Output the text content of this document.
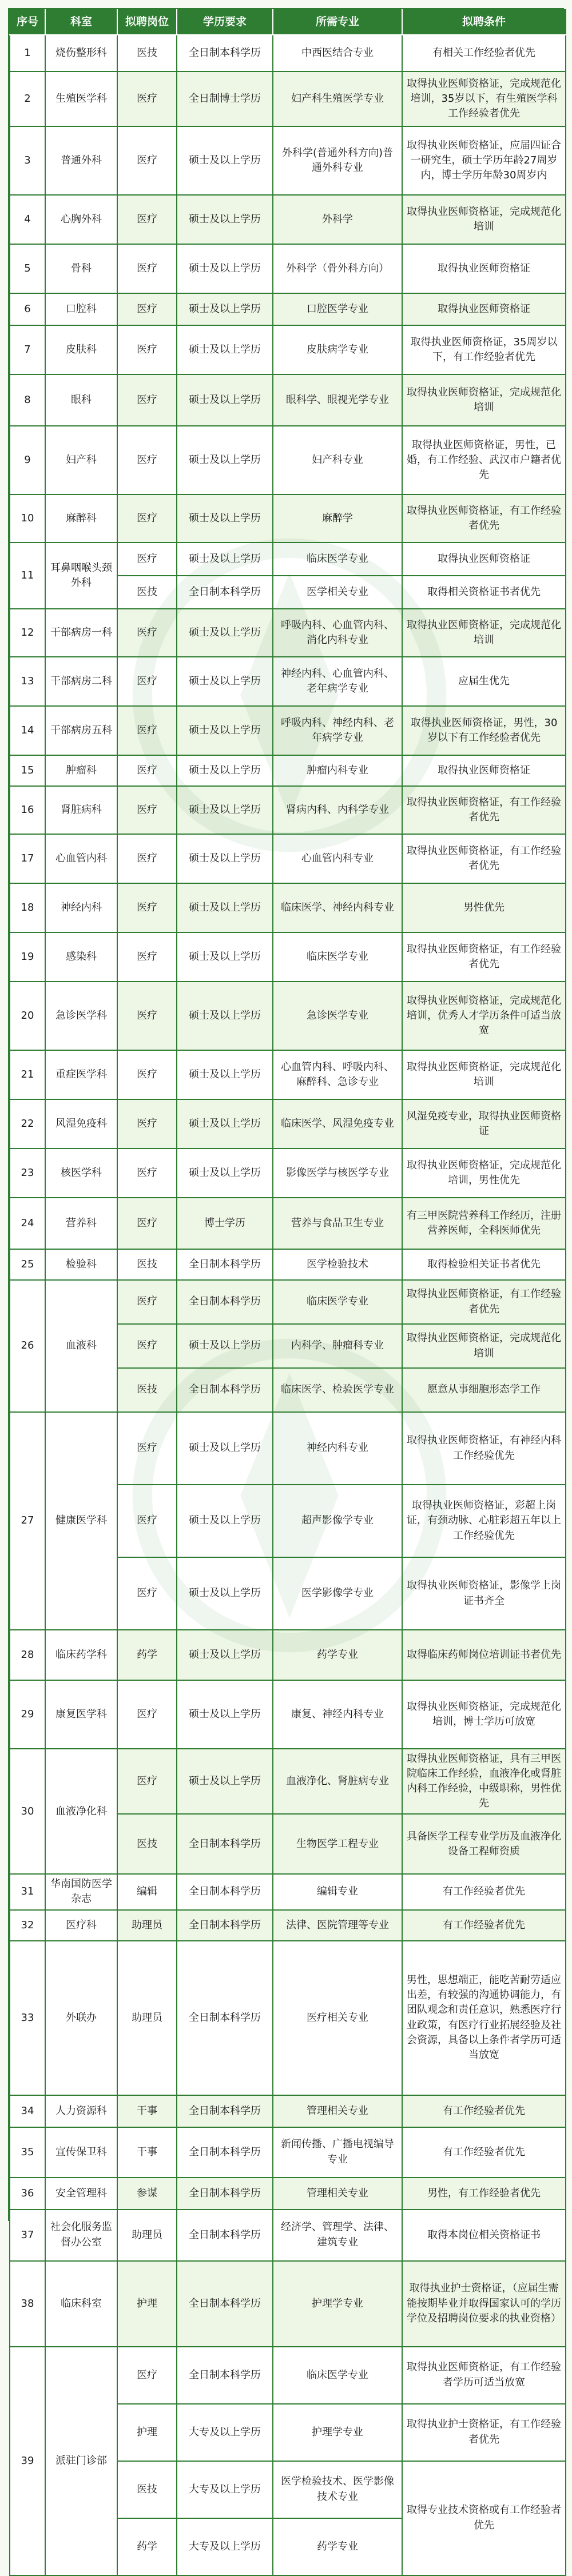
序号	科室	拟聘岗位	学历要求	所需专业	拟聘条件
1	烧伤整形科	医技	全日制本科学历	中西医结合专业	有相关工作经验者优先
2	生殖医学科	医疗	全日制博士学历	妇产科生殖医学专业	取得执业医师资格证，完成规范化培训，35岁以下，有生殖医学科工作经验者优先
3	普通外科	医疗	硕士及以上学历	外科学(普通外科方向)普通外科专业	取得执业医师资格证，应届四证合一研究生，硕士学历年龄27周岁内，博士学历年龄30周岁内
4	心胸外科	医疗	硕士及以上学历	外科学	取得执业医师资格证，完成规范化培训
5	骨科	医疗	硕士及以上学历	外科学（骨外科方向）	取得执业医师资格证
6	口腔科	医疗	硕士及以上学历	口腔医学专业	取得执业医师资格证
7	皮肤科	医疗	硕士及以上学历	皮肤病学专业	取得执业医师资格证，35周岁以下，有工作经验者优先
8	眼科	医疗	硕士及以上学历	眼科学、眼视光学专业	取得执业医师资格证，完成规范化培训
9	妇产科	医疗	硕士及以上学历	妇产科专业	取得执业医师资格证，男性，已婚，有工作经验、武汉市户籍者优先
10	麻醉科	医疗	硕士及以上学历	麻醉学	取得执业医师资格证，有工作经验者优先
11	耳鼻咽喉头颈外科	医疗	硕士及以上学历	临床医学专业	取得执业医师资格证
		医技	全日制本科学历	医学相关专业	取得相关资格证书者优先
12	干部病房一科	医疗	硕士及以上学历	呼吸内科、心血管内科、消化内科专业	取得执业医师资格证，完成规范化培训
13	干部病房二科	医疗	硕士及以上学历	神经内科、心血管内科、老年病学专业	应届生优先
14	干部病房五科	医疗	硕士及以上学历	呼吸内科、神经内科、老年病学专业	取得执业医师资格证，男性，30岁以下有工作经验者优先
15	肿瘤科	医疗	硕士及以上学历	肿瘤内科专业	取得执业医师资格证
16	肾脏病科	医疗	硕士及以上学历	肾病内科、内科学专业	取得执业医师资格证，有工作经验者优先
17	心血管内科	医疗	硕士及以上学历	心血管内科专业	取得执业医师资格证，有工作经验者优先
18	神经内科	医疗	硕士及以上学历	临床医学、神经内科专业	男性优先
19	感染科	医疗	硕士及以上学历	临床医学专业	取得执业医师资格证，有工作经验者优先
20	急诊医学科	医疗	硕士及以上学历	急诊医学专业	取得执业医师资格证，完成规范化培训，优秀人才学历条件可适当放宽
21	重症医学科	医疗	硕士及以上学历	心血管内科、呼吸内科、麻醉科、急诊专业	取得执业医师资格证，完成规范化培训
22	风湿免疫科	医疗	硕士及以上学历	临床医学、风湿免疫专业	风湿免疫专业，取得执业医师资格证
23	核医学科	医疗	硕士及以上学历	影像医学与核医学专业	取得执业医师资格证，完成规范化培训，男性优先
24	营养科	医疗	博士学历	营养与食品卫生专业	有三甲医院营养科工作经历，注册营养医师，全科医师优先
25	检验科	医技	全日制本科学历	医学检验技术	取得检验相关证书者优先
26	血液科	医疗	全日制本科学历	临床医学专业	取得执业医师资格证，有工作经验者优先
		医疗	硕士及以上学历	内科学、肿瘤科专业	取得执业医师资格证，完成规范化培训
		医技	全日制本科学历	临床医学、检验医学专业	愿意从事细胞形态学工作
27	健康医学科	医疗	硕士及以上学历	神经内科专业	取得执业医师资格证，有神经内科工作经验优先
		医疗	硕士及以上学历	超声影像学专业	取得执业医师资格证，彩超上岗证，有颈动脉、心脏彩超五年以上工作经验优先
		医疗	硕士及以上学历	医学影像学专业	取得执业医师资格证，影像学上岗证书齐全
28	临床药学科	药学	硕士及以上学历	药学专业	取得临床药师岗位培训证书者优先
29	康复医学科	医疗	硕士及以上学历	康复、神经内科专业	取得执业医师资格证，完成规范化培训，博士学历可放宽
30	血液净化科	医疗	硕士及以上学历	血液净化、肾脏病专业	取得执业医师资格证，具有三甲医院临床工作经验，血液净化或肾脏内科工作经验，中级职称，男性优先
		医技	全日制本科学历	生物医学工程专业	具备医学工程专业学历及血液净化设备工程师资质
31	华南国防医学杂志	编辑	全日制本科学历	编辑专业	有工作经验者优先
32	医疗科	助理员	全日制本科学历	法律、医院管理等专业	有工作经验者优先
33	外联办	助理员	全日制本科学历	医疗相关专业	男性，思想端正，能吃苦耐劳适应出差，有较强的沟通协调能力，有团队观念和责任意识，熟悉医疗行业政策，有医疗行业拓展经验及社会资源，具备以上条件者学历可适当放宽
34	人力资源科	干事	全日制本科学历	管理相关专业	有工作经验者优先
35	宣传保卫科	干事	全日制本科学历	新闻传播、广播电视编导专业	有工作经验者优先
36	安全管理科	参谋	全日制本科学历	管理相关专业	男性，有工作经验者优先
37	社会化服务监督办公室	助理员	全日制本科学历	经济学、管理学、法律、建筑专业	取得本岗位相关资格证书
38	临床科室	护理	全日制本科学历	护理学专业	取得执业护士资格证，（应届生需能按期毕业并取得国家认可的学历学位及招聘岗位要求的执业资格）
39	派驻门诊部	医疗	全日制本科学历	临床医学专业	取得执业医师资格证，有工作经验者学历可适当放宽
		护理	大专及以上学历	护理学专业	取得执业护士资格证，有工作经验者优先
		医技	大专及以上学历	医学检验技术、医学影像技术专业	取得专业技术资格或有工作经验者优先
		药学	大专及以上学历	药学专业	
